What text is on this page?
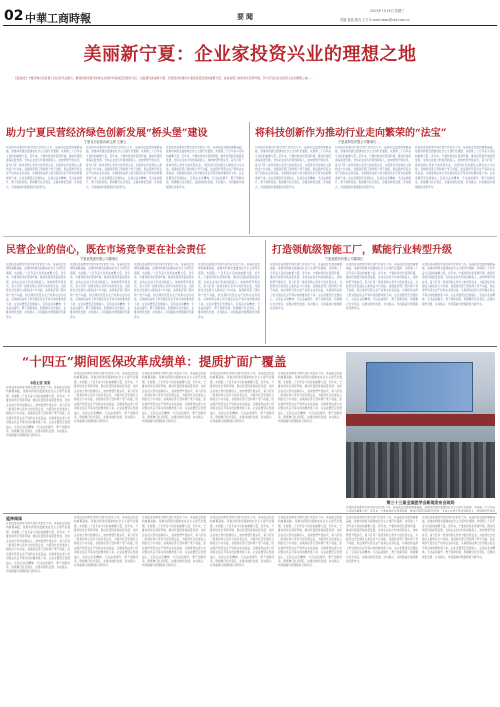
02 中華工商時報	要聞
2023年7月19日 星期三
责编 曾晶 版式 王方 E-mail:news@cbt.com.cn
美丽新宁夏：企业家投资兴业的理想之地
【编者按】宁夏回族自治区第十四次党代会提出，要加快建设黄河流域生态保护和高质量发展先行区，全面建设美丽新宁夏。民营经济是推动宁夏高质量发展的重要力量，各地各部门持续优化营商环境，努力打造企业家投资兴业的理想之地……
助力宁夏民营经济绿色创新发展“桥头堡”建设
宁夏自治区政协副主席 王紫云
将科技创新作为推动行业走向繁荣的“法宝”
宁夏某科技有限公司董事长
民营经济是推进中国式现代化的生力军，是高质量发展的重要基础，是推动我国全面建成社会主义现代化强国、实现第二个百年奋斗目标的重要力量。近年来，宁夏持续优化营商环境，推动民营经济高质量发展，支持企业加大科技创新投入，加快转型升级步伐，着力打造一批具有核心竞争力的优势企业，为经济社会发展注入新的活力与动能。各级政府部门坚持两个毫不动摇，依法保护民营企业产权和企业家权益，从制度和法律上把对国企民企平等对待的要求落下来。企业家要坚定发展信心，弘扬企业家精神，专注品质提升，勇于创新创造，积极履行社会责任，在推动绿色发展、乡村振兴、共同富裕中展现新担当新作为。
民营经济是推进中国式现代化的生力军，是高质量发展的重要基础，是推动我国全面建成社会主义现代化强国、实现第二个百年奋斗目标的重要力量。近年来，宁夏持续优化营商环境，推动民营经济高质量发展，支持企业加大科技创新投入，加快转型升级步伐，着力打造一批具有核心竞争力的优势企业，为经济社会发展注入新的活力与动能。各级政府部门坚持两个毫不动摇，依法保护民营企业产权和企业家权益，从制度和法律上把对国企民企平等对待的要求落下来。企业家要坚定发展信心，弘扬企业家精神，专注品质提升，勇于创新创造，积极履行社会责任，在推动绿色发展、乡村振兴、共同富裕中展现新担当新作为。
民营经济是推进中国式现代化的生力军，是高质量发展的重要基础，是推动我国全面建成社会主义现代化强国、实现第二个百年奋斗目标的重要力量。近年来，宁夏持续优化营商环境，推动民营经济高质量发展，支持企业加大科技创新投入，加快转型升级步伐，着力打造一批具有核心竞争力的优势企业，为经济社会发展注入新的活力与动能。各级政府部门坚持两个毫不动摇，依法保护民营企业产权和企业家权益，从制度和法律上把对国企民企平等对待的要求落下来。企业家要坚定发展信心，弘扬企业家精神，专注品质提升，勇于创新创造，积极履行社会责任，在推动绿色发展、乡村振兴、共同富裕中展现新担当新作为。
民营经济是推进中国式现代化的生力军，是高质量发展的重要基础，是推动我国全面建成社会主义现代化强国、实现第二个百年奋斗目标的重要力量。近年来，宁夏持续优化营商环境，推动民营经济高质量发展，支持企业加大科技创新投入，加快转型升级步伐，着力打造一批具有核心竞争力的优势企业，为经济社会发展注入新的活力与动能。各级政府部门坚持两个毫不动摇，依法保护民营企业产权和企业家权益，从制度和法律上把对国企民企平等对待的要求落下来。企业家要坚定发展信心，弘扬企业家精神，专注品质提升，勇于创新创造，积极履行社会责任，在推动绿色发展、乡村振兴、共同富裕中展现新担当新作为。
民营经济是推进中国式现代化的生力军，是高质量发展的重要基础，是推动我国全面建成社会主义现代化强国、实现第二个百年奋斗目标的重要力量。近年来，宁夏持续优化营商环境，推动民营经济高质量发展，支持企业加大科技创新投入，加快转型升级步伐，着力打造一批具有核心竞争力的优势企业，为经济社会发展注入新的活力与动能。各级政府部门坚持两个毫不动摇，依法保护民营企业产权和企业家权益，从制度和法律上把对国企民企平等对待的要求落下来。企业家要坚定发展信心，弘扬企业家精神，专注品质提升，勇于创新创造，积极履行社会责任，在推动绿色发展、乡村振兴、共同富裕中展现新担当新作为。
民营经济是推进中国式现代化的生力军，是高质量发展的重要基础，是推动我国全面建成社会主义现代化强国、实现第二个百年奋斗目标的重要力量。近年来，宁夏持续优化营商环境，推动民营经济高质量发展，支持企业加大科技创新投入，加快转型升级步伐，着力打造一批具有核心竞争力的优势企业，为经济社会发展注入新的活力与动能。各级政府部门坚持两个毫不动摇，依法保护民营企业产权和企业家权益，从制度和法律上把对国企民企平等对待的要求落下来。企业家要坚定发展信心，弘扬企业家精神，专注品质提升，勇于创新创造，积极履行社会责任，在推动绿色发展、乡村振兴、共同富裕中展现新担当新作为。
民营企业的信心，既在市场竞争更在社会责任
宁夏某集团有限公司董事长
打造领航级智能工厂，赋能行业转型升级
宁夏某股份有限公司董事长
民营经济是推进中国式现代化的生力军，是高质量发展的重要基础，是推动我国全面建成社会主义现代化强国、实现第二个百年奋斗目标的重要力量。近年来，宁夏持续优化营商环境，推动民营经济高质量发展，支持企业加大科技创新投入，加快转型升级步伐，着力打造一批具有核心竞争力的优势企业，为经济社会发展注入新的活力与动能。各级政府部门坚持两个毫不动摇，依法保护民营企业产权和企业家权益，从制度和法律上把对国企民企平等对待的要求落下来。企业家要坚定发展信心，弘扬企业家精神，专注品质提升，勇于创新创造，积极履行社会责任，在推动绿色发展、乡村振兴、共同富裕中展现新担当新作为。
民营经济是推进中国式现代化的生力军，是高质量发展的重要基础，是推动我国全面建成社会主义现代化强国、实现第二个百年奋斗目标的重要力量。近年来，宁夏持续优化营商环境，推动民营经济高质量发展，支持企业加大科技创新投入，加快转型升级步伐，着力打造一批具有核心竞争力的优势企业，为经济社会发展注入新的活力与动能。各级政府部门坚持两个毫不动摇，依法保护民营企业产权和企业家权益，从制度和法律上把对国企民企平等对待的要求落下来。企业家要坚定发展信心，弘扬企业家精神，专注品质提升，勇于创新创造，积极履行社会责任，在推动绿色发展、乡村振兴、共同富裕中展现新担当新作为。
民营经济是推进中国式现代化的生力军，是高质量发展的重要基础，是推动我国全面建成社会主义现代化强国、实现第二个百年奋斗目标的重要力量。近年来，宁夏持续优化营商环境，推动民营经济高质量发展，支持企业加大科技创新投入，加快转型升级步伐，着力打造一批具有核心竞争力的优势企业，为经济社会发展注入新的活力与动能。各级政府部门坚持两个毫不动摇，依法保护民营企业产权和企业家权益，从制度和法律上把对国企民企平等对待的要求落下来。企业家要坚定发展信心，弘扬企业家精神，专注品质提升，勇于创新创造，积极履行社会责任，在推动绿色发展、乡村振兴、共同富裕中展现新担当新作为。
民营经济是推进中国式现代化的生力军，是高质量发展的重要基础，是推动我国全面建成社会主义现代化强国、实现第二个百年奋斗目标的重要力量。近年来，宁夏持续优化营商环境，推动民营经济高质量发展，支持企业加大科技创新投入，加快转型升级步伐，着力打造一批具有核心竞争力的优势企业，为经济社会发展注入新的活力与动能。各级政府部门坚持两个毫不动摇，依法保护民营企业产权和企业家权益，从制度和法律上把对国企民企平等对待的要求落下来。企业家要坚定发展信心，弘扬企业家精神，专注品质提升，勇于创新创造，积极履行社会责任，在推动绿色发展、乡村振兴、共同富裕中展现新担当新作为。
民营经济是推进中国式现代化的生力军，是高质量发展的重要基础，是推动我国全面建成社会主义现代化强国、实现第二个百年奋斗目标的重要力量。近年来，宁夏持续优化营商环境，推动民营经济高质量发展，支持企业加大科技创新投入，加快转型升级步伐，着力打造一批具有核心竞争力的优势企业，为经济社会发展注入新的活力与动能。各级政府部门坚持两个毫不动摇，依法保护民营企业产权和企业家权益，从制度和法律上把对国企民企平等对待的要求落下来。企业家要坚定发展信心，弘扬企业家精神，专注品质提升，勇于创新创造，积极履行社会责任，在推动绿色发展、乡村振兴、共同富裕中展现新担当新作为。
民营经济是推进中国式现代化的生力军，是高质量发展的重要基础，是推动我国全面建成社会主义现代化强国、实现第二个百年奋斗目标的重要力量。近年来，宁夏持续优化营商环境，推动民营经济高质量发展，支持企业加大科技创新投入，加快转型升级步伐，着力打造一批具有核心竞争力的优势企业，为经济社会发展注入新的活力与动能。各级政府部门坚持两个毫不动摇，依法保护民营企业产权和企业家权益，从制度和法律上把对国企民企平等对待的要求落下来。企业家要坚定发展信心，弘扬企业家精神，专注品质提升，勇于创新创造，积极履行社会责任，在推动绿色发展、乡村振兴、共同富裕中展现新担当新作为。
民营经济是推进中国式现代化的生力军，是高质量发展的重要基础，是推动我国全面建成社会主义现代化强国、实现第二个百年奋斗目标的重要力量。近年来，宁夏持续优化营商环境，推动民营经济高质量发展，支持企业加大科技创新投入，加快转型升级步伐，着力打造一批具有核心竞争力的优势企业，为经济社会发展注入新的活力与动能。各级政府部门坚持两个毫不动摇，依法保护民营企业产权和企业家权益，从制度和法律上把对国企民企平等对待的要求落下来。企业家要坚定发展信心，弘扬企业家精神，专注品质提升，勇于创新创造，积极履行社会责任，在推动绿色发展、乡村振兴、共同富裕中展现新担当新作为。
“十四五”期间医保改革成绩单：提质扩面广覆盖
本报记者 某某
民营经济是推进中国式现代化的生力军，是高质量发展的重要基础，是推动我国全面建成社会主义现代化强国、实现第二个百年奋斗目标的重要力量。近年来，宁夏持续优化营商环境，推动民营经济高质量发展，支持企业加大科技创新投入，加快转型升级步伐，着力打造一批具有核心竞争力的优势企业，为经济社会发展注入新的活力与动能。各级政府部门坚持两个毫不动摇，依法保护民营企业产权和企业家权益，从制度和法律上把对国企民企平等对待的要求落下来。企业家要坚定发展信心，弘扬企业家精神，专注品质提升，勇于创新创造，积极履行社会责任，在推动绿色发展、乡村振兴、共同富裕中展现新担当新作为。
民营经济是推进中国式现代化的生力军，是高质量发展的重要基础，是推动我国全面建成社会主义现代化强国、实现第二个百年奋斗目标的重要力量。近年来，宁夏持续优化营商环境，推动民营经济高质量发展，支持企业加大科技创新投入，加快转型升级步伐，着力打造一批具有核心竞争力的优势企业，为经济社会发展注入新的活力与动能。各级政府部门坚持两个毫不动摇，依法保护民营企业产权和企业家权益，从制度和法律上把对国企民企平等对待的要求落下来。企业家要坚定发展信心，弘扬企业家精神，专注品质提升，勇于创新创造，积极履行社会责任，在推动绿色发展、乡村振兴、共同富裕中展现新担当新作为。
民营经济是推进中国式现代化的生力军，是高质量发展的重要基础，是推动我国全面建成社会主义现代化强国、实现第二个百年奋斗目标的重要力量。近年来，宁夏持续优化营商环境，推动民营经济高质量发展，支持企业加大科技创新投入，加快转型升级步伐，着力打造一批具有核心竞争力的优势企业，为经济社会发展注入新的活力与动能。各级政府部门坚持两个毫不动摇，依法保护民营企业产权和企业家权益，从制度和法律上把对国企民企平等对待的要求落下来。企业家要坚定发展信心，弘扬企业家精神，专注品质提升，勇于创新创造，积极履行社会责任，在推动绿色发展、乡村振兴、共同富裕中展现新担当新作为。
民营经济是推进中国式现代化的生力军，是高质量发展的重要基础，是推动我国全面建成社会主义现代化强国、实现第二个百年奋斗目标的重要力量。近年来，宁夏持续优化营商环境，推动民营经济高质量发展，支持企业加大科技创新投入，加快转型升级步伐，着力打造一批具有核心竞争力的优势企业，为经济社会发展注入新的活力与动能。各级政府部门坚持两个毫不动摇，依法保护民营企业产权和企业家权益，从制度和法律上把对国企民企平等对待的要求落下来。企业家要坚定发展信心，弘扬企业家精神，专注品质提升，勇于创新创造，积极履行社会责任，在推动绿色发展、乡村振兴、共同富裕中展现新担当新作为。
民营经济是推进中国式现代化的生力军，是高质量发展的重要基础，是推动我国全面建成社会主义现代化强国、实现第二个百年奋斗目标的重要力量。近年来，宁夏持续优化营商环境，推动民营经济高质量发展，支持企业加大科技创新投入，加快转型升级步伐，着力打造一批具有核心竞争力的优势企业，为经济社会发展注入新的活力与动能。各级政府部门坚持两个毫不动摇，依法保护民营企业产权和企业家权益，从制度和法律上把对国企民企平等对待的要求落下来。企业家要坚定发展信心，弘扬企业家精神，专注品质提升，勇于创新创造，积极履行社会责任，在推动绿色发展、乡村振兴、共同富裕中展现新担当新作为。
第三十三届全国医学会新闻发布会现场
民营经济是推进中国式现代化的生力军，是高质量发展的重要基础，是推动我国全面建成社会主义现代化强国、实现第二个百年奋斗目标的重要力量。近年来，宁夏持续优化营商环境，推动民营经济高质量发展，支持企业加大科技创新投入，加快转型升级步
延伸阅读
民营经济是推进中国式现代化的生力军，是高质量发展的重要基础，是推动我国全面建成社会主义现代化强国、实现第二个百年奋斗目标的重要力量。近年来，宁夏持续优化营商环境，推动民营经济高质量发展，支持企业加大科技创新投入，加快转型升级步伐，着力打造一批具有核心竞争力的优势企业，为经济社会发展注入新的活力与动能。各级政府部门坚持两个毫不动摇，依法保护民营企业产权和企业家权益，从制度和法律上把对国企民企平等对待的要求落下来。企业家要坚定发展信心，弘扬企业家精神，专注品质提升，勇于创新创造，积极履行社会责任，在推动绿色发展、乡村振兴、共同富裕中展现新担当新作为。
民营经济是推进中国式现代化的生力军，是高质量发展的重要基础，是推动我国全面建成社会主义现代化强国、实现第二个百年奋斗目标的重要力量。近年来，宁夏持续优化营商环境，推动民营经济高质量发展，支持企业加大科技创新投入，加快转型升级步伐，着力打造一批具有核心竞争力的优势企业，为经济社会发展注入新的活力与动能。各级政府部门坚持两个毫不动摇，依法保护民营企业产权和企业家权益，从制度和法律上把对国企民企平等对待的要求落下来。企业家要坚定发展信心，弘扬企业家精神，专注品质提升，勇于创新创造，积极履行社会责任，在推动绿色发展、乡村振兴、共同富裕中展现新担当新作为。
民营经济是推进中国式现代化的生力军，是高质量发展的重要基础，是推动我国全面建成社会主义现代化强国、实现第二个百年奋斗目标的重要力量。近年来，宁夏持续优化营商环境，推动民营经济高质量发展，支持企业加大科技创新投入，加快转型升级步伐，着力打造一批具有核心竞争力的优势企业，为经济社会发展注入新的活力与动能。各级政府部门坚持两个毫不动摇，依法保护民营企业产权和企业家权益，从制度和法律上把对国企民企平等对待的要求落下来。企业家要坚定发展信心，弘扬企业家精神，专注品质提升，勇于创新创造，积极履行社会责任，在推动绿色发展、乡村振兴、共同富裕中展现新担当新作为。
民营经济是推进中国式现代化的生力军，是高质量发展的重要基础，是推动我国全面建成社会主义现代化强国、实现第二个百年奋斗目标的重要力量。近年来，宁夏持续优化营商环境，推动民营经济高质量发展，支持企业加大科技创新投入，加快转型升级步伐，着力打造一批具有核心竞争力的优势企业，为经济社会发展注入新的活力与动能。各级政府部门坚持两个毫不动摇，依法保护民营企业产权和企业家权益，从制度和法律上把对国企民企平等对待的要求落下来。企业家要坚定发展信心，弘扬企业家精神，专注品质提升，勇于创新创造，积极履行社会责任，在推动绿色发展、乡村振兴、共同富裕中展现新担当新作为。
民营经济是推进中国式现代化的生力军，是高质量发展的重要基础，是推动我国全面建成社会主义现代化强国、实现第二个百年奋斗目标的重要力量。近年来，宁夏持续优化营商环境，推动民营经济高质量发展，支持企业加大科技创新投入，加快转型升级步伐，着力打造一批具有核心竞争力的优势企业，为经济社会发展注入新的活力与动能。各级政府部门坚持两个毫不动摇，依法保护民营企业产权和企业家权益，从制度和法律上把对国企民企平等对待的要求落下来。企业家要坚定发展信心，弘扬企业家精神，专注品质提升，勇于创新创造，积极履行社会责任，在推动绿色发展、乡村振兴、共同富裕中展现新担当新作为。
民营经济是推进中国式现代化的生力军，是高质量发展的重要基础，是推动我国全面建成社会主义现代化强国、实现第二个百年奋斗目标的重要力量。近年来，宁夏持续优化营商环境，推动民营经济高质量发展，支持企业加大科技创新投入，加快转型升级步伐，着力打造一批具有核心竞争力的优势企业，为经济社会发展注入新的活力与动能。各级政府部门坚持两个毫不动摇，依法保护民营企业产权和企业家权益，从制度和法律上把对国企民企平等对待的要求落下来。企业家要坚定发展信心，弘扬企业家精神，专注品质提升，勇于创新创造，积极履行社会责任，在推动绿色发展、乡村振兴、共同富裕中展现新担当新作为。
民营经济是推进中国式现代化的生力军，是高质量发展的重要基础，是推动我国全面建成社会主义现代化强国、实现第二个百年奋斗目标的重要力量。近年来，宁夏持续优化营商环境，推动民营经济高质量发展，支持企业加大科技创新投入，加快转型升级步伐，着力打造一批具有核心竞争力的优势企业，为经济社会发展注入新的活力与动能。各级政府部门坚持两个毫不动摇，依法保护民营企业产权和企业家权益，从制度和法律上把对国企民企平等对待的要求落下来。企业家要坚定发展信心，弘扬企业家精神，专注品质提升，勇于创新创造，积极履行社会责任，在推动绿色发展、乡村振兴、共同富裕中展现新担当新作为。
